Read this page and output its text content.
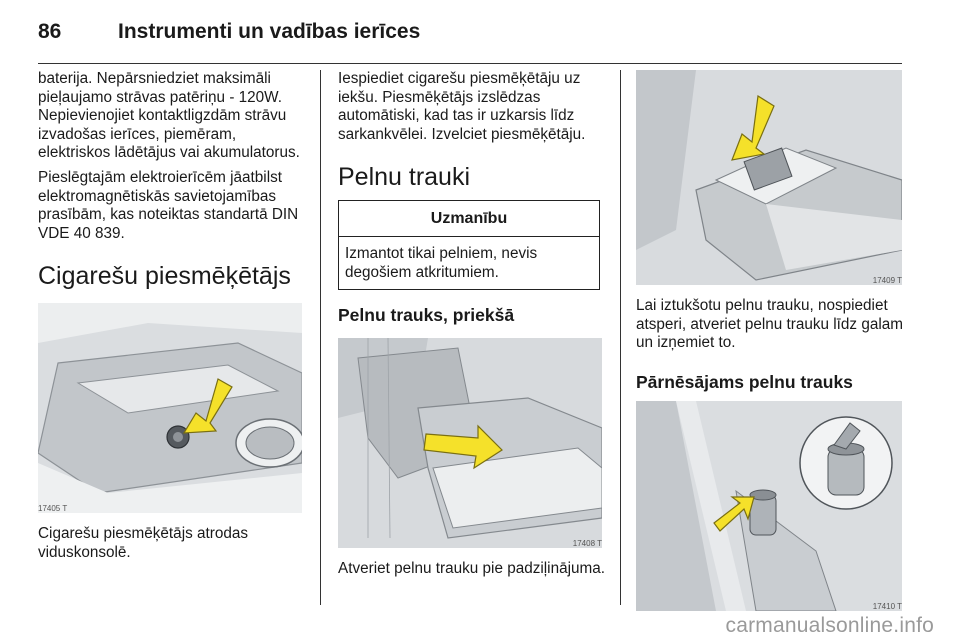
86	Instrumenti un vadības ierīces

baterija. Nepārsniedziet maksimāli pieļaujamo strāvas patēriņu - 120W. Nepievienojiet kontaktligzdām strāvu izvadošas ierīces, piemēram, elektriskos lādētājus vai akumulatorus.

Pieslēgtajām elektroierīcēm jāatbilst elektromagnētiskās savietojamības prasībām, kas noteiktas standartā DIN VDE 40 839.

Cigarešu piesmēķētājs
17405 T

Cigarešu piesmēķētājs atrodas viduskonsolē.

Iespiediet cigarešu piesmēķētāju uz iekšu. Piesmēķētājs izslēdzas automātiski, kad tas ir uzkarsis līdz sarkankvēlei. Izvelciet piesmēķētāju.

Pelnu trauki
Uzmanību
Izmantot tikai pelniem, nevis degošiem atkritumiem.
Pelnu trauks, priekšā
17408 T

Atveriet pelnu trauku pie padziļinājuma.

17409 T

Lai iztukšotu pelnu trauku, nospiediet atsperi, atveriet pelnu trauku līdz galam un izņemiet to.

Pārnēsājams pelnu trauks
17410 T
carmanualsonline.info
